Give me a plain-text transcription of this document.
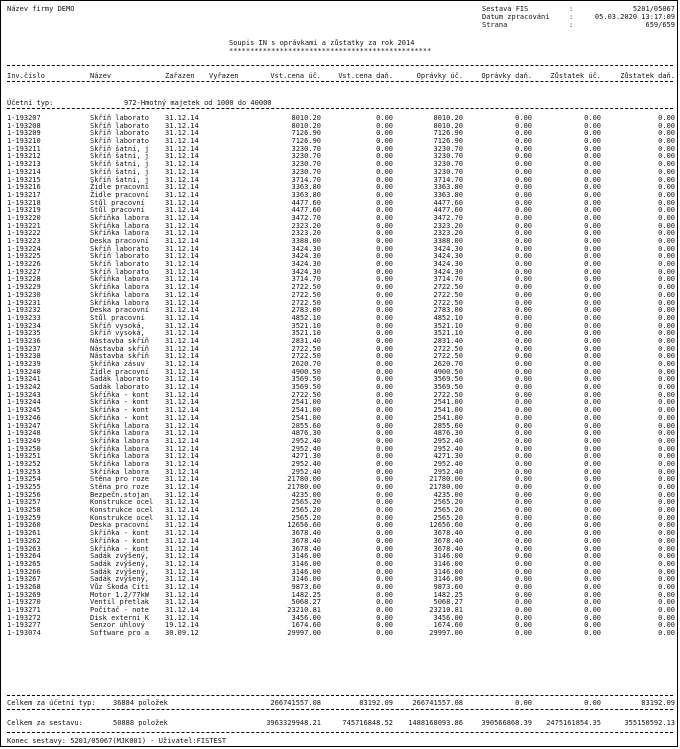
Název firmy DEMO	Sestava FIS	:	5201/05067
Datum zpracování	:	05.03.2020 13:17:09
Strana	:	659/659
Soupis IN s oprávkami a zůstatky za rok 2014
************************************************
Inv.číslo	Název	Zařazen Vyřazen	Vst.cena úč.	Vst.cena daň.	Oprávky úč.	Oprávky daň.	Zůstatek úč.	Zůstatek daň.
Účetní typ:	972-Hmotný majetek od 1000 do 40000
1-193207	Skříň laborato 31.12.14	8010.20	0.00	8010.20	0.00	0.00	0.00
1-193208	Skříň laborato 31.12.14	8010.20	0.00	8010.20	0.00	0.00	0.00
1-193209	Skříň laborato 31.12.14	7126.90	0.00	7126.90	0.00	0.00	0.00
1-193210	Skříň laborato 31.12.14	7126.90	0.00	7126.90	0.00	0.00	0.00
1-193211	Skříň šatní, j 31.12.14	3230.70	0.00	3230.70	0.00	0.00	0.00
1-193212	Skříň šatní, j 31.12.14	3230.70	0.00	3230.70	0.00	0.00	0.00
1-193213	Skříň šatní, j 31.12.14	3230.70	0.00	3230.70	0.00	0.00	0.00
1-193214	Skříň šatní, j 31.12.14	3230.70	0.00	3230.70	0.00	0.00	0.00
1-193215	Skříň šatní, j 31.12.14	3714.70	0.00	3714.70	0.00	0.00	0.00
1-193216	Židle pracovní 31.12.14	3363.80	0.00	3363.80	0.00	0.00	0.00
1-193217	Židle pracovní 31.12.14	3363.80	0.00	3363.80	0.00	0.00	0.00
1-193218	Stůl pracovní	31.12.14	4477.60	0.00	4477.60	0.00	0.00	0.00
1-193219	Stůl pracovní	31.12.14	4477.60	0.00	4477.60	0.00	0.00	0.00
1-193220	Skříňka labora 31.12.14	3472.70	0.00	3472.70	0.00	0.00	0.00
1-193221	Skříňka labora 31.12.14	2323.20	0.00	2323.20	0.00	0.00	0.00
1-193222	Skříňka labora 31.12.14	2323.20	0.00	2323.20	0.00	0.00	0.00
1-193223	Deska pracovní 31.12.14	3388.00	0.00	3388.00	0.00	0.00	0.00
1-193224	Skříň laborato 31.12.14	3424.30	0.00	3424.30	0.00	0.00	0.00
1-193225	Skříň laborato 31.12.14	3424.30	0.00	3424.30	0.00	0.00	0.00
1-193226	Skříň laborato 31.12.14	3424.30	0.00	3424.30	0.00	0.00	0.00
1-193227	Skříň laborato 31.12.14	3424.30	0.00	3424.30	0.00	0.00	0.00
1-193228	Skříňka labora 31.12.14	3714.70	0.00	3714.70	0.00	0.00	0.00
1-193229	Skříňka labora 31.12.14	2722.50	0.00	2722.50	0.00	0.00	0.00
1-193230	Skříňka labora 31.12.14	2722.50	0.00	2722.50	0.00	0.00	0.00
1-193231	Skříňka labora 31.12.14	2722.50	0.00	2722.50	0.00	0.00	0.00
1-193232	Deska pracovní 31.12.14	2783.00	0.00	2783.00	0.00	0.00	0.00
1-193233	Stůl pracovní	31.12.14	4852.10	0.00	4852.10	0.00	0.00	0.00
1-193234	Skříň vysoká,	31.12.14	3521.10	0.00	3521.10	0.00	0.00	0.00
1-193235	Skříň vysoká,	31.12.14	3521.10	0.00	3521.10	0.00	0.00	0.00
1-193236	Nástavba skříň 31.12.14	2831.40	0.00	2831.40	0.00	0.00	0.00
1-193237	Nástavba skříň 31.12.14	2722.50	0.00	2722.50	0.00	0.00	0.00
1-193238	Nástavba skříň 31.12.14	2722.50	0.00	2722.50	0.00	0.00	0.00
1-193239	Skříňka zásuv	31.12.14	2620.70	0.00	2620.70	0.00	0.00	0.00
1-193240	Židle pracovní 31.12.14	4900.50	0.00	4900.50	0.00	0.00	0.00
1-193241	Sadák laborato 31.12.14	3569.50	0.00	3569.50	0.00	0.00	0.00
1-193242	Sadák laborato 31.12.14	3569.50	0.00	3569.50	0.00	0.00	0.00
1-193243	Skříňka - kont 31.12.14	2722.50	0.00	2722.50	0.00	0.00	0.00
1-193244	Skříňka - kont 31.12.14	2541.00	0.00	2541.00	0.00	0.00	0.00
1-193245	Skříňka - kont 31.12.14	2541.00	0.00	2541.00	0.00	0.00	0.00
1-193246	Skříňka - kont 31.12.14	2541.00	0.00	2541.00	0.00	0.00	0.00
1-193247	Skříňka labora 31.12.14	2855.60	0.00	2855.60	0.00	0.00	0.00
1-193248	Skříňka labora 31.12.14	4876.30	0.00	4876.30	0.00	0.00	0.00
1-193249	Skříňka labora 31.12.14	2952.40	0.00	2952.40	0.00	0.00	0.00
1-193250	Skříňka labora 31.12.14	2952.40	0.00	2952.40	0.00	0.00	0.00
1-193251	Skříňka labora 31.12.14	4271.30	0.00	4271.30	0.00	0.00	0.00
1-193252	Skříňka labora 31.12.14	2952.40	0.00	2952.40	0.00	0.00	0.00
1-193253	Skříňka labora 31.12.14	2952.40	0.00	2952.40	0.00	0.00	0.00
1-193254	Stěna pro roze 31.12.14	21780.00	0.00	21780.00	0.00	0.00	0.00
1-193255	Stěna pro roze 31.12.14	21780.00	0.00	21780.00	0.00	0.00	0.00
1-193256	Bezpečn.stojan 31.12.14	4235.00	0.00	4235.00	0.00	0.00	0.00
1-193257	Konstrukce ocel 31.12.14	2565.20	0.00	2565.20	0.00	0.00	0.00
1-193258	Konstrukce ocel 31.12.14	2565.20	0.00	2565.20	0.00	0.00	0.00
1-193259	Konstrukce ocel 31.12.14	2565.20	0.00	2565.20	0.00	0.00	0.00
1-193260	Deska pracovní 31.12.14	12656.60	0.00	12656.60	0.00	0.00	0.00
1-193261	Skříňka - kont 31.12.14	3678.40	0.00	3678.40	0.00	0.00	0.00
1-193262	Skříňka - kont 31.12.14	3678.40	0.00	3678.40	0.00	0.00	0.00
1-193263	Skříňka - kont 31.12.14	3678.40	0.00	3678.40	0.00	0.00	0.00
1-193264	Sadák zvýšený, 31.12.14	3146.00	0.00	3146.00	0.00	0.00	0.00
1-193265	Sadák zvýšený, 31.12.14	3146.00	0.00	3146.00	0.00	0.00	0.00
1-193266	Sadák zvýšený, 31.12.14	3146.00	0.00	3146.00	0.00	0.00	0.00
1-193267	Sadák zvýšený, 31.12.14	3146.00	0.00	3146.00	0.00	0.00	0.00
1-193268	Vůz Škoda Citi 31.12.14	9873.60	0.00	9873.60	0.00	0.00	0.00
1-193269	Motor 1.2/77kW 31.12.14	1482.25	0.00	1482.25	0.00	0.00	0.00
1-193270	Ventil přetlak 31.12.14	5068.27	0.00	5068.27	0.00	0.00	0.00
1-193271	Počítač - note 31.12.14	23210.81	0.00	23210.81	0.00	0.00	0.00
1-193272	Disk externí K 31.12.14	3456.00	0.00	3456.00	0.00	0.00	0.00
1-193277	Senzor úhlový	19.12.14	1674.60	0.00	1674.60	0.00	0.00	0.00
1-193074	Software pro a 30.09.12	29997.00	0.00	29997.00	0.00	0.00	0.00
Celkem za účetní typ: 36884 položek	266741557.08	83192.09	266741557.08	0.00	0.00	83192.09
Celkem za sestavu:	50888 položek	3963329948.21	745716848.52	1488168093.86	390566868.39	2475161854.35	355150592.13
Konec sestavy: 5201/05067(MJK001) - Uživatel:FISTEST
